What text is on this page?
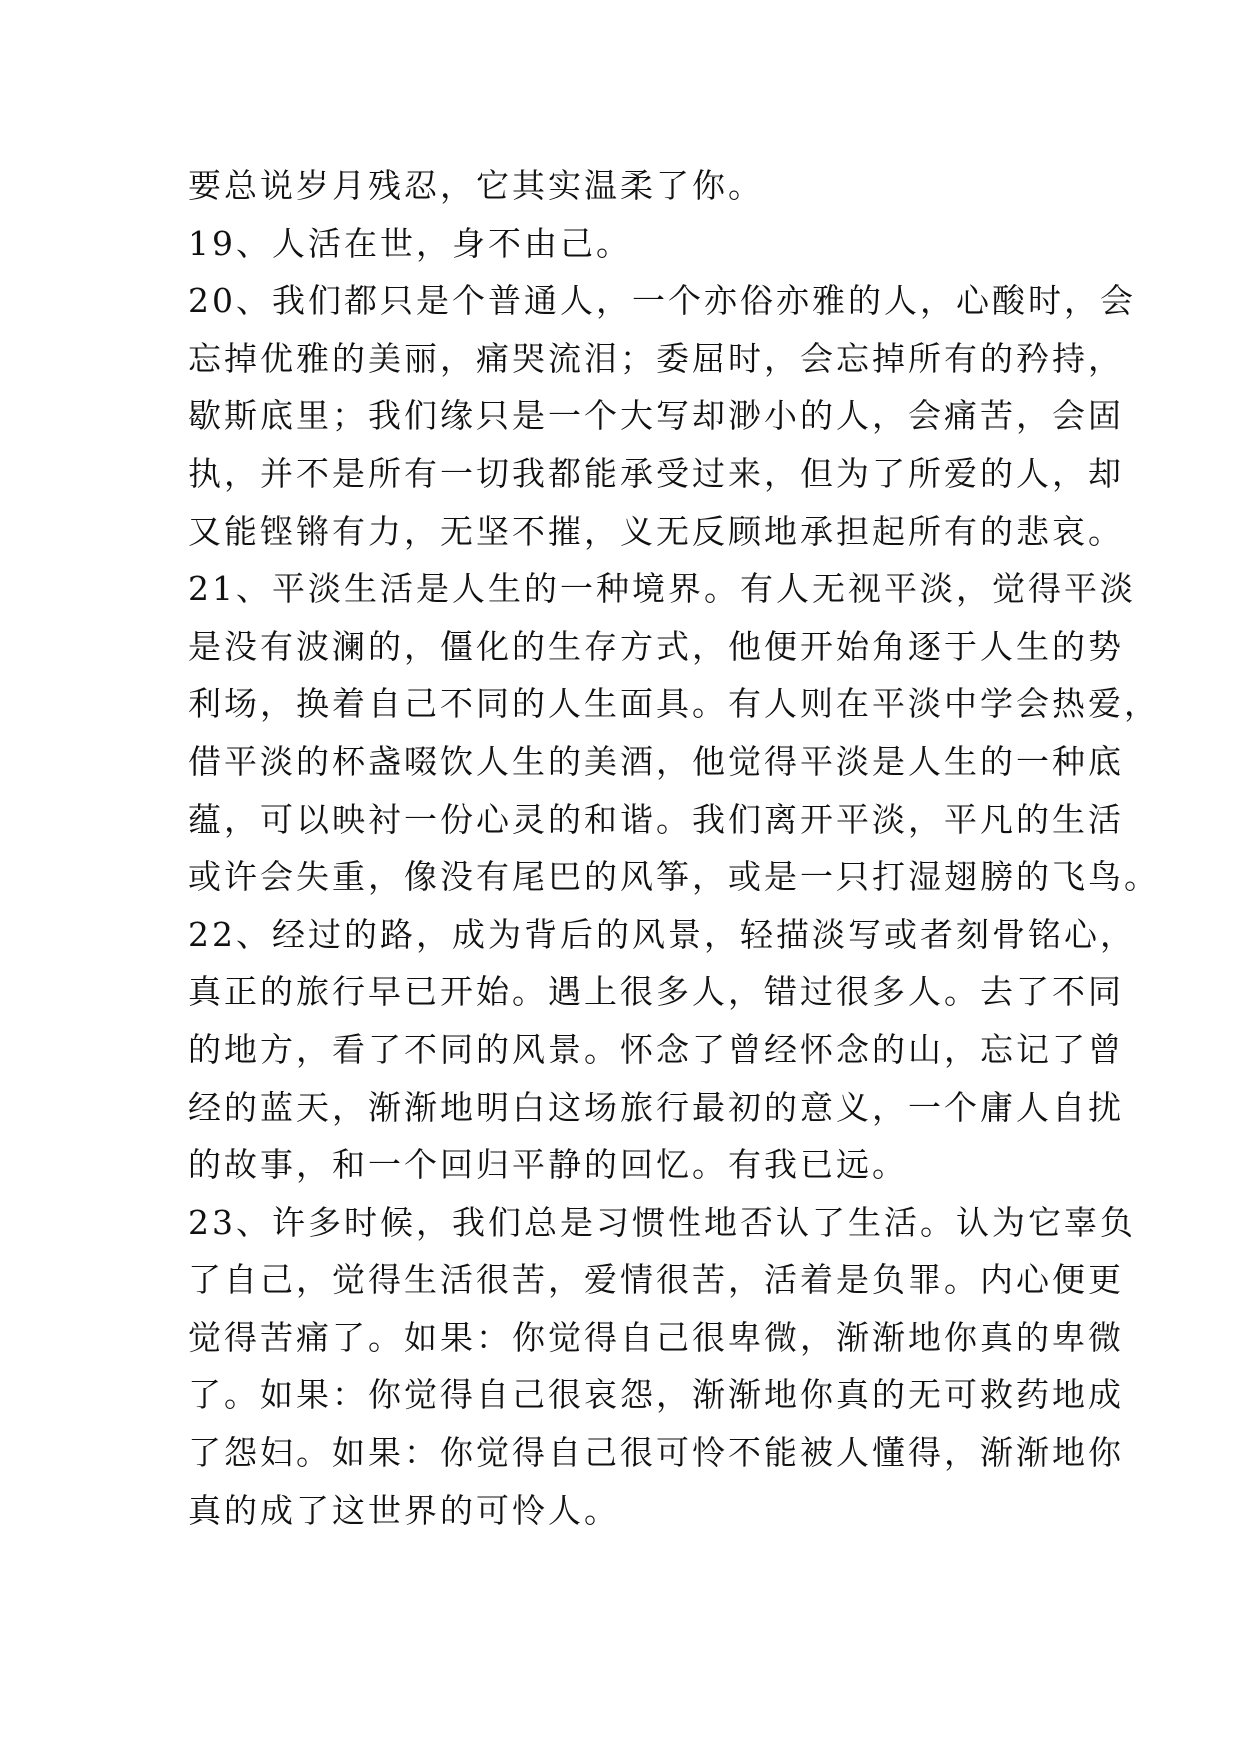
要总说岁月残忍，它其实温柔了你。
19、人活在世，身不由己。
20、我们都只是个普通人，一个亦俗亦雅的人，心酸时，会
忘掉优雅的美丽，痛哭流泪；委屈时，会忘掉所有的矜持，
歇斯底里；我们缘只是一个大写却渺小的人，会痛苦，会固
执，并不是所有一切我都能承受过来，但为了所爱的人，却
又能铿锵有力，无坚不摧，义无反顾地承担起所有的悲哀。
21、平淡生活是人生的一种境界。有人无视平淡，觉得平淡
是没有波澜的，僵化的生存方式，他便开始角逐于人生的势
利场，换着自己不同的人生面具。有人则在平淡中学会热爱，
借平淡的杯盏啜饮人生的美酒，他觉得平淡是人生的一种底
蕴，可以映衬一份心灵的和谐。我们离开平淡，平凡的生活
或许会失重，像没有尾巴的风筝，或是一只打湿翅膀的飞鸟。
22、经过的路，成为背后的风景，轻描淡写或者刻骨铭心，
真正的旅行早已开始。遇上很多人，错过很多人。去了不同
的地方，看了不同的风景。怀念了曾经怀念的山，忘记了曾
经的蓝天，渐渐地明白这场旅行最初的意义，一个庸人自扰
的故事，和一个回归平静的回忆。有我已远。
23、许多时候，我们总是习惯性地否认了生活。认为它辜负
了自己，觉得生活很苦，爱情很苦，活着是负罪。内心便更
觉得苦痛了。如果：你觉得自己很卑微，渐渐地你真的卑微
了。如果：你觉得自己很哀怨，渐渐地你真的无可救药地成
了怨妇。如果：你觉得自己很可怜不能被人懂得，渐渐地你
真的成了这世界的可怜人。
